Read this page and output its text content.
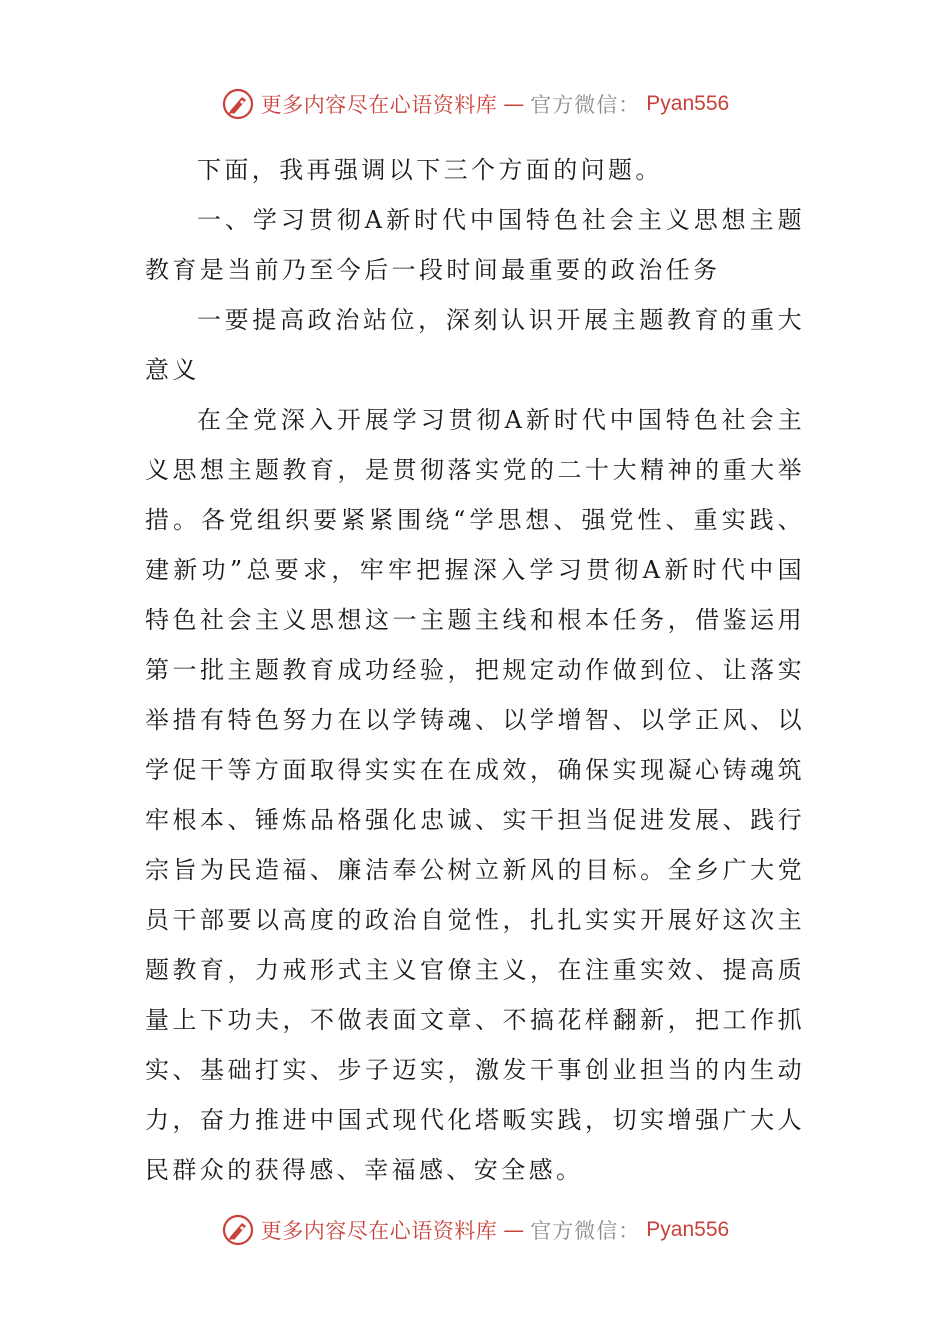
更多内容尽在心语资料库 — 官方微信： Pyan556

下面，我再强调以下三个方面的问题。

一、学习贯彻A新时代中国特色社会主义思想主题教育是当前乃至今后一段时间最重要的政治任务

一要提高政治站位，深刻认识开展主题教育的重大意义

在全党深入开展学习贯彻A新时代中国特色社会主义思想主题教育，是贯彻落实党的二十大精神的重大举措。各党组织要紧紧围绕“学思想、强党性、重实践、建新功”总要求，牢牢把握深入学习贯彻A新时代中国特色社会主义思想这一主题主线和根本任务，借鉴运用第一批主题教育成功经验，把规定动作做到位、让落实举措有特色努力在以学铸魂、以学增智、以学正风、以学促干等方面取得实实在在成效，确保实现凝心铸魂筑牢根本、锤炼品格强化忠诚、实干担当促进发展、践行宗旨为民造福、廉洁奉公树立新风的目标。全乡广大党员干部要以高度的政治自觉性，扎扎实实开展好这次主题教育，力戒形式主义官僚主义，在注重实效、提高质量上下功夫，不做表面文章、不搞花样翻新，把工作抓实、基础打实、步子迈实，激发干事创业担当的内生动力，奋力推进中国式现代化塔畈实践，切实增强广大人民群众的获得感、幸福感、安全感。

更多内容尽在心语资料库 — 官方微信： Pyan556
